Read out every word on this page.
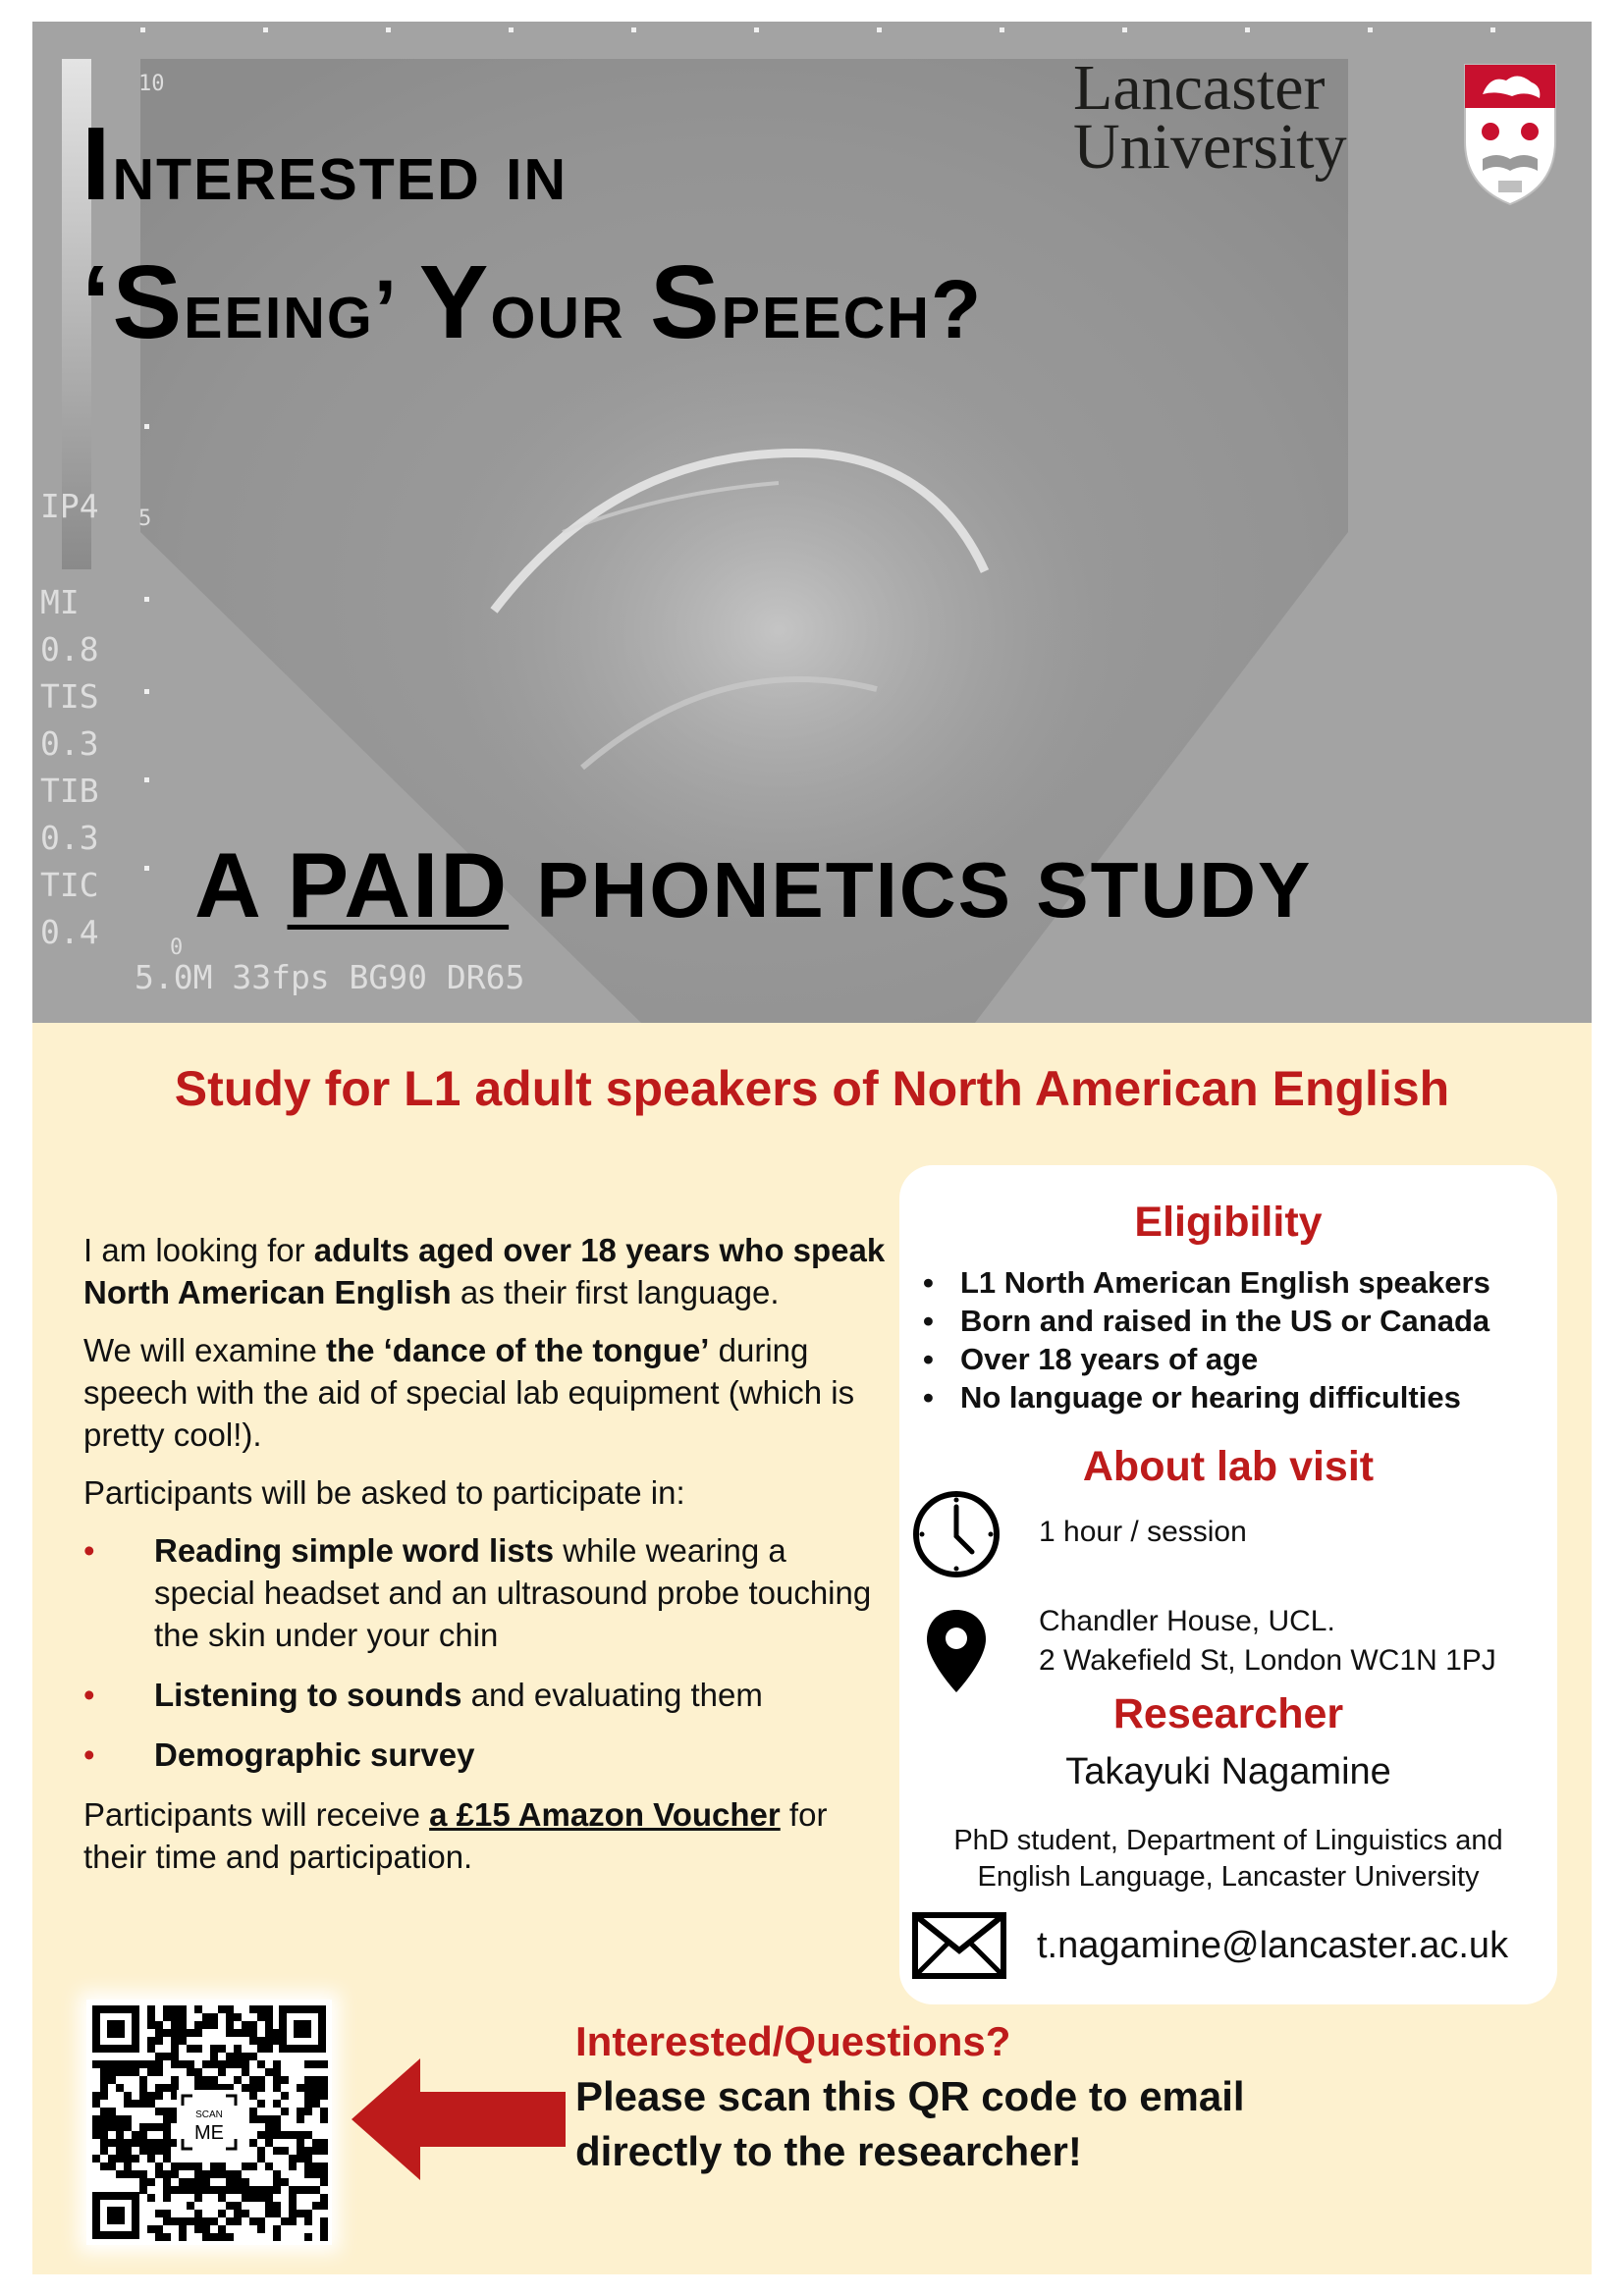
10
5
0
IP4
MI
0.8
TIS
0.3
TIB
0.3
TIC
0.4
5.0M 33fps BG90 DR65
Interested in
‘Seeing’ Your Speech?
A PAID PHONETICS STUDY
Lancaster
University
Study for L1 adult speakers of North American English

I am looking for adults aged over 18 years who speak North American English as their first language.

We will examine the ‘dance of the tongue’ during speech with the aid of special lab equipment (which is pretty cool!).

Participants will be asked to participate in:

• Reading simple word lists while wearing a special headset and an ultrasound probe touching the skin under your chin
• Listening to sounds and evaluating them
• Demographic survey

Participants will receive a £15 Amazon Voucher for their time and participation.

Eligibility
• L1 North American English speakers
• Born and raised in the US or Canada
• Over 18 years of age
• No language or hearing difficulties
About lab visit
1 hour / session
Chandler House, UCL.
2 Wakefield St, London WC1N 1PJ
Researcher
Takayuki Nagamine
PhD student, Department of Linguistics and
English Language, Lancaster University
t.nagamine@lancaster.ac.uk
SCAN
ME
Interested/Questions?
Please scan this QR code to email
directly to the researcher!
